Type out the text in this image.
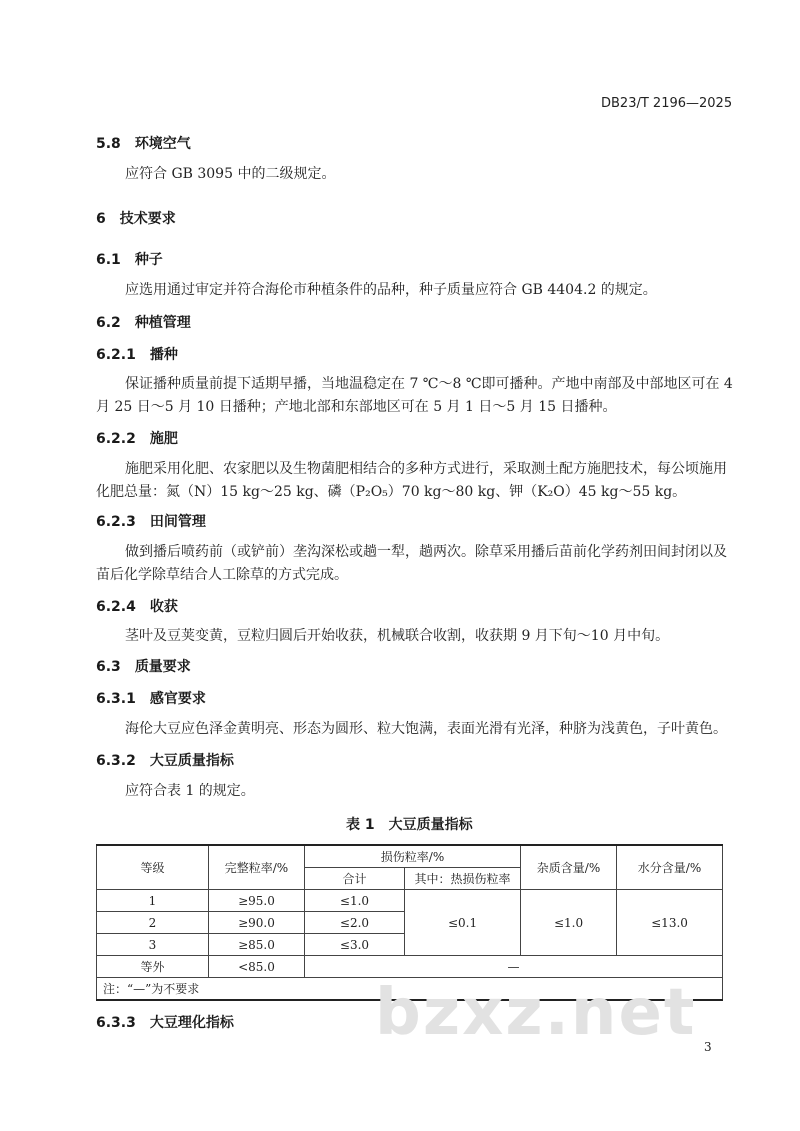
DB23/T 2196—2025
5.8 环境空气
应符合 GB 3095 中的二级规定。
6 技术要求
6.1 种子
应选用通过审定并符合海伦市种植条件的品种，种子质量应符合 GB 4404.2 的规定。
6.2 种植管理
6.2.1 播种
保证播种质量前提下适期早播，当地温稳定在 7 ℃～8 ℃即可播种。产地中南部及中部地区可在 4
月 25 日～5 月 10 日播种；产地北部和东部地区可在 5 月 1 日～5 月 15 日播种。
6.2.2 施肥
施肥采用化肥、农家肥以及生物菌肥相结合的多种方式进行，采取测土配方施肥技术，每公顷施用
化肥总量：氮（N）15 kg～25 kg、磷（P₂O₅）70 kg～80 kg、钾（K₂O）45 kg～55 kg。
6.2.3 田间管理
做到播后喷药前（或铲前）垄沟深松或趟一犁，趟两次。除草采用播后苗前化学药剂田间封闭以及
苗后化学除草结合人工除草的方式完成。
6.2.4 收获
茎叶及豆荚变黄，豆粒归圆后开始收获，机械联合收割，收获期 9 月下旬～10 月中旬。
6.3 质量要求
6.3.1 感官要求
海伦大豆应色泽金黄明亮、形态为圆形、粒大饱满，表面光滑有光泽，种脐为浅黄色，子叶黄色。
6.3.2 大豆质量指标
应符合表 1 的规定。
表 1　大豆质量指标
等级	完整粒率/%	损伤粒率/%		杂质含量/%	水分含量/%
		合计	其中：热损伤粒率		
1	≥95.0	≤1.0	≤0.1	≤1.0	≤13.0
2	≥90.0	≤2.0			
3	≥85.0	≤3.0			
等外	<85.0	—			
注：“—”为不要求					
6.3.3 大豆理化指标 bzxz.net 3
